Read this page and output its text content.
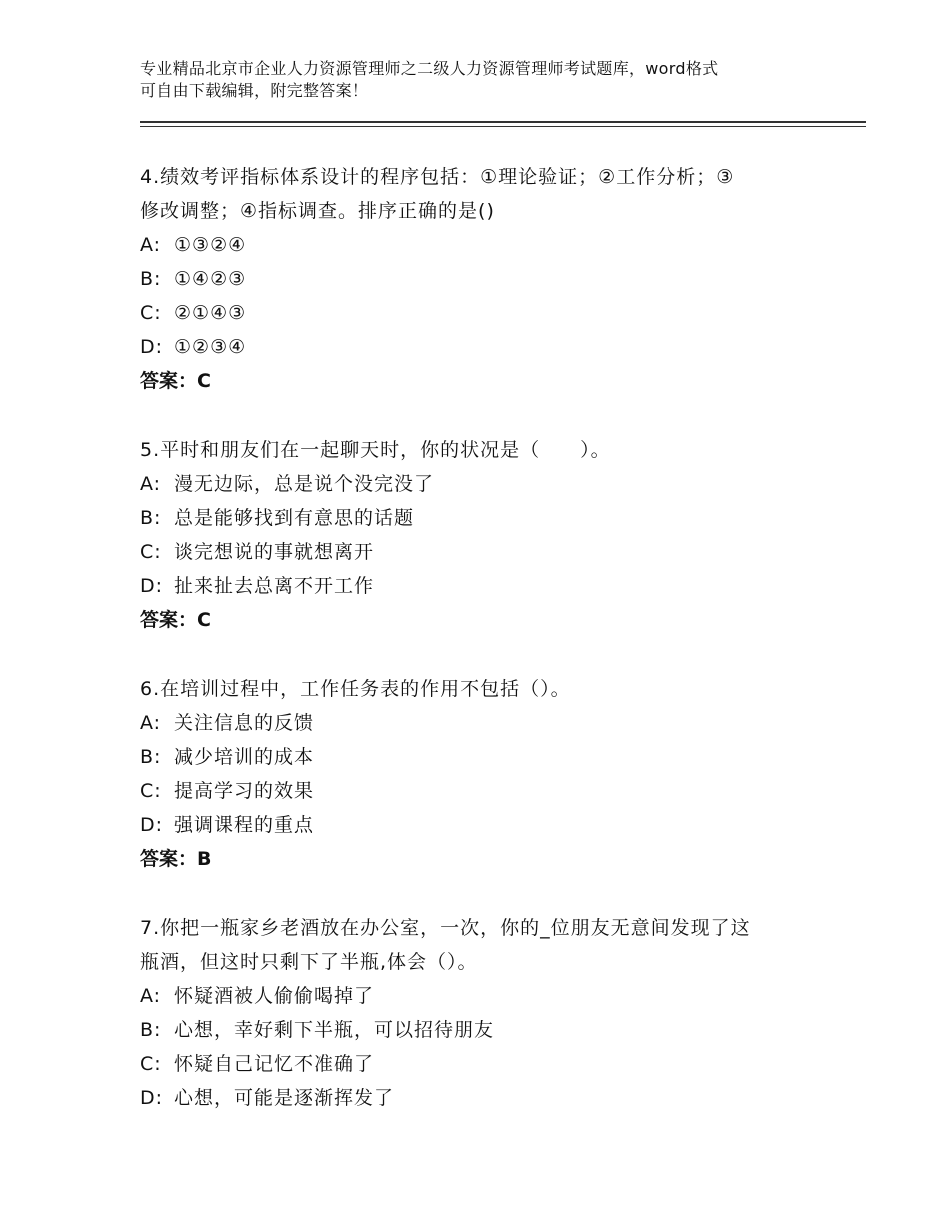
专业精品北京市企业人力资源管理师之二级人力资源管理师考试题库，word格式
可自由下载编辑，附完整答案！

4.绩效考评指标体系设计的程序包括：①理论验证；②工作分析；③

修改调整；④指标调查。排序正确的是()

A: ①③②④

B: ①④②③

C: ②①④③

D: ①②③④

答案：C

5.平时和朋友们在一起聊天时，你的状况是（　　）。

A: 漫无边际，总是说个没完没了

B: 总是能够找到有意思的话题

C: 谈完想说的事就想离开

D: 扯来扯去总离不开工作

答案：C

6.在培训过程中，工作任务表的作用不包括（）。

A: 关注信息的反馈

B: 减少培训的成本

C: 提高学习的效果

D: 强调课程的重点

答案：B

7.你把一瓶家乡老酒放在办公室，一次，你的_位朋友无意间发现了这

瓶酒，但这时只剩下了半瓶,体会（）。

A: 怀疑酒被人偷偷喝掉了

B: 心想，幸好剩下半瓶，可以招待朋友

C: 怀疑自己记忆不准确了

D: 心想，可能是逐渐挥发了
